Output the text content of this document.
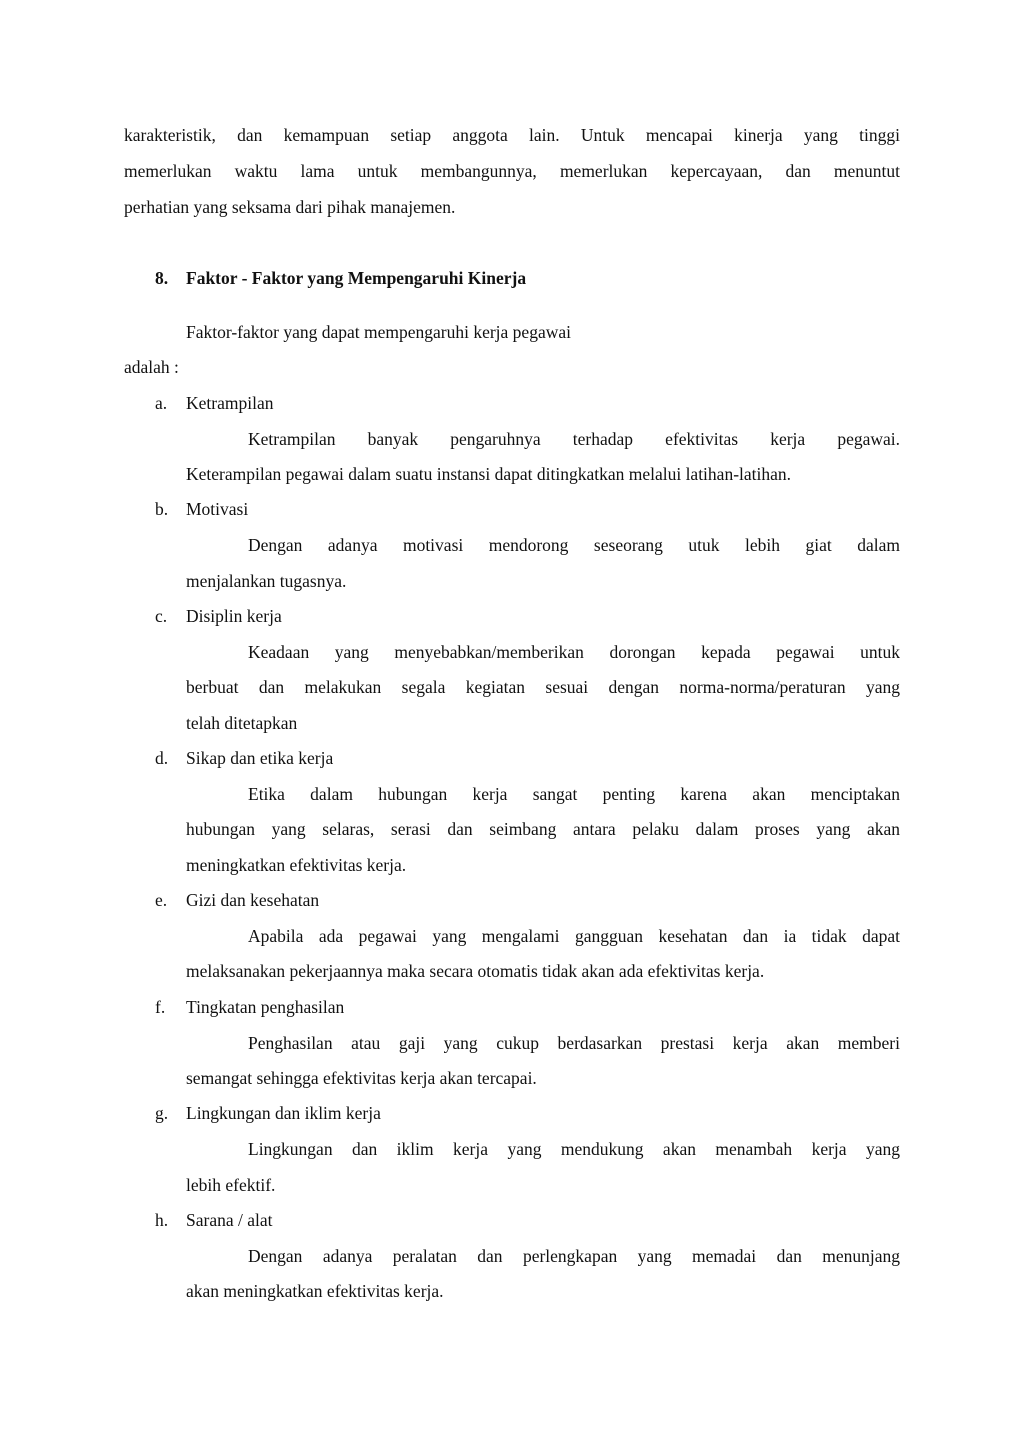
karakteristik, dan kemampuan setiap anggota lain. Untuk mencapai kinerja yang tinggi
memerlukan waktu lama untuk membangunnya, memerlukan kepercayaan, dan menuntut
perhatian yang seksama dari pihak manajemen.
8. Faktor - Faktor yang Mempengaruhi Kinerja
Faktor-faktor yang dapat mempengaruhi kerja pegawai
adalah :
a. Ketrampilan
Ketrampilan banyak pengaruhnya terhadap efektivitas kerja pegawai.
Keterampilan pegawai dalam suatu instansi dapat ditingkatkan melalui latihan-latihan.
b. Motivasi
Dengan adanya motivasi mendorong seseorang utuk lebih giat dalam
menjalankan tugasnya.
c. Disiplin kerja
Keadaan yang menyebabkan/memberikan dorongan kepada pegawai untuk
berbuat dan melakukan segala kegiatan sesuai dengan norma-norma/peraturan yang
telah ditetapkan
d. Sikap dan etika kerja
Etika dalam hubungan kerja sangat penting karena akan menciptakan
hubungan yang selaras, serasi dan seimbang antara pelaku dalam proses yang akan
meningkatkan efektivitas kerja.
e. Gizi dan kesehatan
Apabila ada pegawai yang mengalami gangguan kesehatan dan ia tidak dapat
melaksanakan pekerjaannya maka secara otomatis tidak akan ada efektivitas kerja.
f. Tingkatan penghasilan
Penghasilan atau gaji yang cukup berdasarkan prestasi kerja akan memberi
semangat sehingga efektivitas kerja akan tercapai.
g. Lingkungan dan iklim kerja
Lingkungan dan iklim kerja yang mendukung akan menambah kerja yang
lebih efektif.
h. Sarana / alat
Dengan adanya peralatan dan perlengkapan yang memadai dan menunjang
akan meningkatkan efektivitas kerja.
